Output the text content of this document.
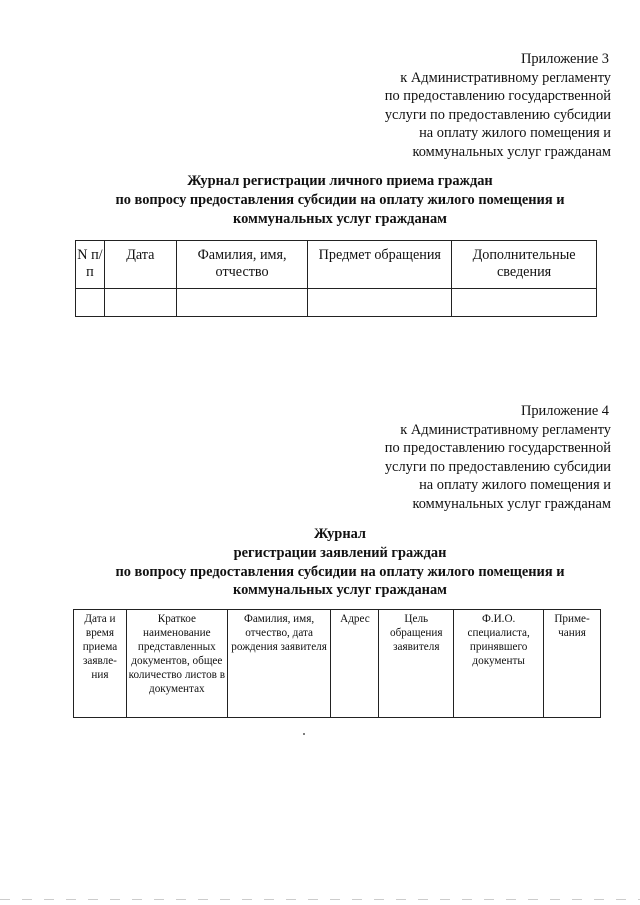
Приложение 3
к Административному регламенту
по предоставлению государственной
услуги по предоставлению субсидии
на оплату жилого помещения и
коммунальных услуг гражданам
Журнал регистрации личного приема граждан
по вопросу предоставления субсидии на оплату жилого помещения и
коммунальных услуг гражданам
N п/п	Дата	Фамилия, имя, отчество	Предмет обращения	Дополнительные сведения

Приложение 4
к Административному регламенту
по предоставлению государственной
услуги по предоставлению субсидии
на оплату жилого помещения и
коммунальных услуг гражданам
Журнал
регистрации заявлений граждан
по вопросу предоставления субсидии на оплату жилого помещения и
коммунальных услуг гражданам
Дата и время приема заявле- ния	Краткое наименование представленных документов, общее количество листов в документах	Фамилия, имя, отчество, дата рождения заявителя	Адрес	Цель обращения заявителя	Ф.И.О. специалиста, принявшего документы	Приме- чания
